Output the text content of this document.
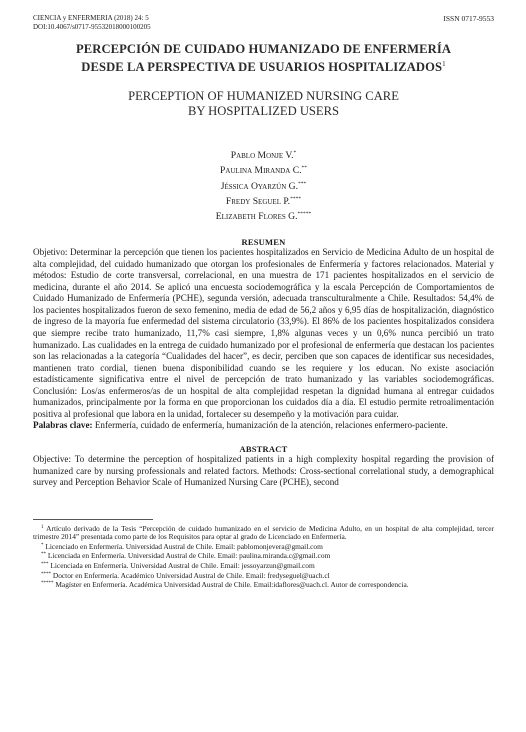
CIENCIA y ENFERMERIA (2018) 24: 5
DOI:10.4067/s0717-95532018000100205
ISSN 0717-9553
PERCEPCIÓN DE CUIDADO HUMANIZADO DE ENFERMERÍA
DESDE LA PERSPECTIVA DE USUARIOS HOSPITALIZADOS$^1$
PERCEPTION OF HUMANIZED NURSING CARE
BY HOSPITALIZED USERS
Pablo Monje V.*
Paulina Miranda C.**
Jéssica Oyarzún G.***
Fredy Seguel P.****
Elizabeth Flores G.*****
RESUMEN

Objetivo: Determinar la percepción que tienen los pacientes hospitalizados en Servicio de Medicina Adulto de un hospital de alta complejidad, del cuidado humanizado que otorgan los profesionales de Enfermería y factores relacionados. Material y métodos: Estudio de corte transversal, correlacional, en una muestra de 171 pacientes hospitalizados en el servicio de medicina, durante el año 2014. Se aplicó una encuesta sociodemográfica y la escala Percepción de Comportamientos de Cuidado Humanizado de Enfermería (PCHE), segunda versión, adecuada transculturalmente a Chile. Resultados: 54,4% de los pacientes hospitalizados fueron de sexo femenino, media de edad de 56,2 años y 6,95 días de hospitalización, diagnóstico de ingreso de la mayoría fue enfermedad del sistema circulatorio (33,9%). El 86% de los pacientes hospitalizados considera que siempre recibe trato humanizado, 11,7% casi siempre, 1,8% algunas veces y un 0,6% nunca percibió un trato humanizado. Las cualidades en la entrega de cuidado humanizado por el profesional de enfermería que destacan los pacientes son las relacionadas a la categoría “Cualidades del hacer”, es decir, perciben que son capaces de identificar sus necesidades, mantienen trato cordial, tienen buena disponibilidad cuando se les requiere y los educan. No existe asociación estadísticamente significativa entre el nivel de percepción de trato humanizado y las variables sociodemográficas. Conclusión: Los/as enfermeros/as de un hospital de alta complejidad respetan la dignidad humana al entregar cuidados humanizados, principalmente por la forma en que proporcionan los cuidados día a día. El estudio permite retroalimentación positiva al profesional que labora en la unidad, fortalecer su desempeño y la motivación para cuidar.

Palabras clave: Enfermería, cuidado de enfermería, humanización de la atención, relaciones enfermero-paciente.

ABSTRACT

Objective: To determine the perception of hospitalized patients in a high complexity hospital regarding the provision of humanized care by nursing professionals and related factors. Methods: Cross-sectional correlational study, a demographical survey and Perception Behavior Scale of Humanized Nursing Care (PCHE), second

$^1$ Artículo derivado de la Tesis “Percepción de cuidado humanizado en el servicio de Medicina Adulto, en un hospital de alta complejidad, tercer trimestre 2014” presentada como parte de los Requisitos para optar al grado de Licenciado en Enfermería.
* Licenciado en Enfermería. Universidad Austral de Chile. Email: pablomonjevera@gmail.com
** Licenciada en Enfermería. Universidad Austral de Chile. Email: paulina.miranda.c@gmail.com
*** Licenciada en Enfermería. Universidad Austral de Chile. Email: jessoyarzun@gmail.com
**** Doctor en Enfermería. Académico Universidad Austral de Chile. Email: fredyseguel@uach.cl
***** Magíster en Enfermería. Académica Universidad Austral de Chile. Email:idaflores@uach.cl. Autor de correspondencia.
